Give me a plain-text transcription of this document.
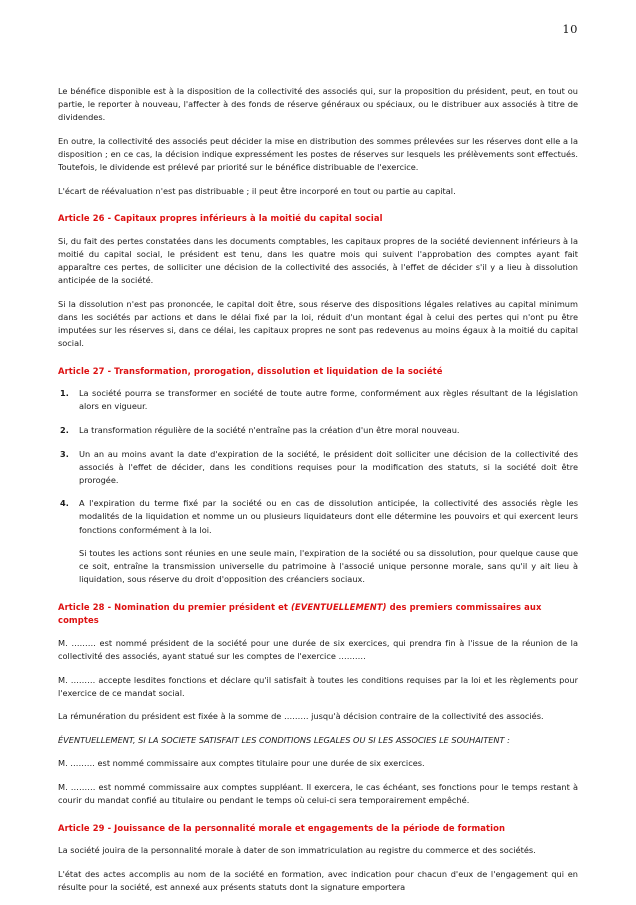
10

Le bénéfice disponible est à la disposition de la collectivité des associés qui, sur la proposition du président, peut, en tout ou partie, le reporter à nouveau, l'affecter à des fonds de réserve généraux ou spéciaux, ou le distribuer aux associés à titre de dividendes.

En outre, la collectivité des associés peut décider la mise en distribution des sommes prélevées sur les réserves dont elle a la disposition ; en ce cas, la décision indique expressément les postes de réserves sur lesquels les prélèvements sont effectués. Toutefois, le dividende est prélevé par priorité sur le bénéfice distribuable de l'exercice.

L'écart de réévaluation n'est pas distribuable ; il peut être incorporé en tout ou partie au capital.

Article 26 - Capitaux propres inférieurs à la moitié du capital social

Si, du fait des pertes constatées dans les documents comptables, les capitaux propres de la société deviennent inférieurs à la moitié du capital social, le président est tenu, dans les quatre mois qui suivent l'approbation des comptes ayant fait apparaître ces pertes, de solliciter une décision de la collectivité des associés, à l'effet de décider s'il y a lieu à dissolution anticipée de la société.

Si la dissolution n'est pas prononcée, le capital doit être, sous réserve des dispositions légales relatives au capital minimum dans les sociétés par actions et dans le délai fixé par la loi, réduit d'un montant égal à celui des pertes qui n'ont pu être imputées sur les réserves si, dans ce délai, les capitaux propres ne sont pas redevenus au moins égaux à la moitié du capital social.

Article 27 - Transformation, prorogation, dissolution et liquidation de la société
1. La société pourra se transformer en société de toute autre forme, conformément aux règles résultant de la législation alors en vigueur.
2. La transformation régulière de la société n'entraîne pas la création d'un être moral nouveau.
3. Un an au moins avant la date d'expiration de la société, le président doit solliciter une décision de la collectivité des associés à l'effet de décider, dans les conditions requises pour la modification des statuts, si la société doit être prorogée.
4. A l'expiration du terme fixé par la société ou en cas de dissolution anticipée, la collectivité des associés règle les modalités de la liquidation et nomme un ou plusieurs liquidateurs dont elle détermine les pouvoirs et qui exercent leurs fonctions conformément à la loi.

Si toutes les actions sont réunies en une seule main, l'expiration de la société ou sa dissolution, pour quelque cause que ce soit, entraîne la transmission universelle du patrimoine à l'associé unique personne morale, sans qu'il y ait lieu à liquidation, sous réserve du droit d'opposition des créanciers sociaux.

Article 28 - Nomination du premier président et (EVENTUELLEMENT) des premiers commissaires aux comptes

M. ……… est nommé président de la société pour une durée de six exercices, qui prendra fin à l'issue de la réunion de la collectivité des associés, ayant statué sur les comptes de l'exercice ……….

M. ……… accepte lesdites fonctions et déclare qu'il satisfait à toutes les conditions requises par la loi et les règlements pour l'exercice de ce mandat social.

La rémunération du président est fixée à la somme de ……… jusqu'à décision contraire de la collectivité des associés.

ÉVENTUELLEMENT, SI LA SOCIETE SATISFAIT LES CONDITIONS LEGALES OU SI LES ASSOCIES LE SOUHAITENT :

M. ……… est nommé commissaire aux comptes titulaire pour une durée de six exercices.

M. ……… est nommé commissaire aux comptes suppléant. Il exercera, le cas échéant, ses fonctions pour le temps restant à courir du mandat confié au titulaire ou pendant le temps où celui-ci sera temporairement empêché.

Article 29 - Jouissance de la personnalité morale et engagements de la période de formation

La société jouira de la personnalité morale à dater de son immatriculation au registre du commerce et des sociétés.

L'état des actes accomplis au nom de la société en formation, avec indication pour chacun d'eux de l'engagement qui en résulte pour la société, est annexé aux présents statuts dont la signature emportera
